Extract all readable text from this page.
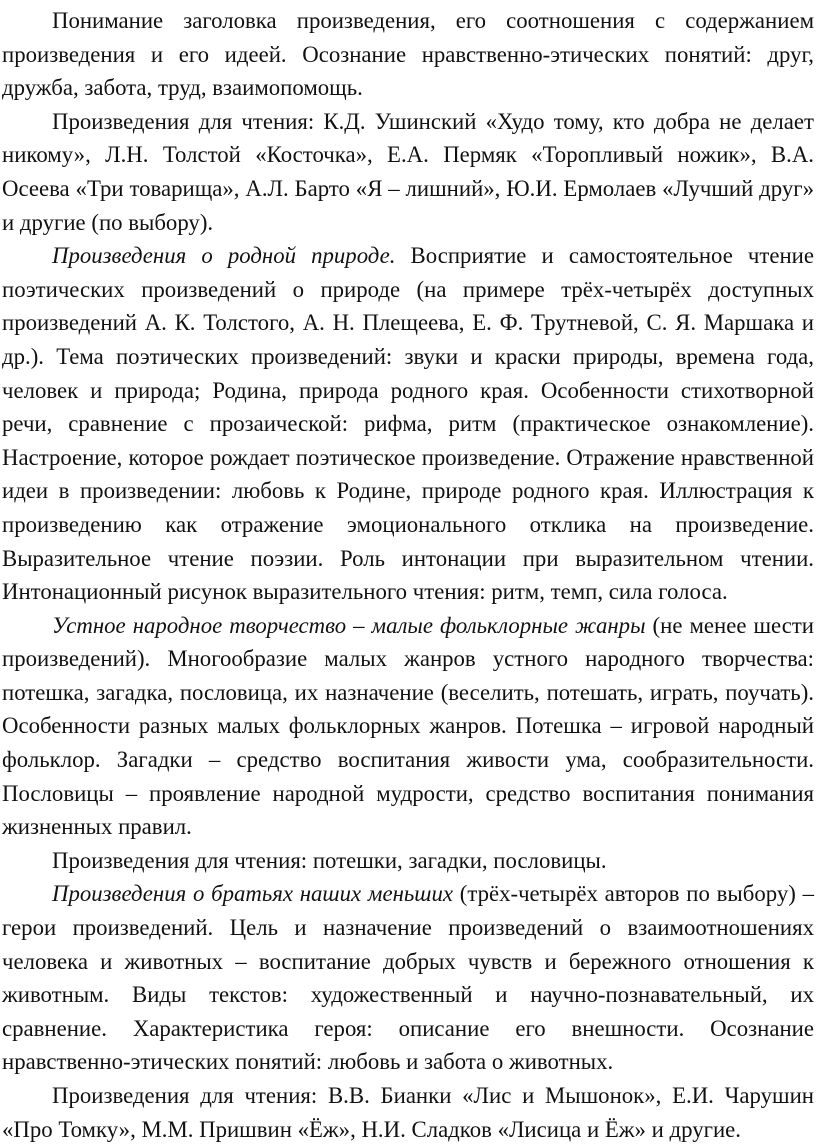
Понимание заголовка произведения, его соотношения с содержанием произведения и его идеей. Осознание нравственно-этических понятий: друг, дружба, забота, труд, взаимопомощь.

Произведения для чтения: К.Д. Ушинский «Худо тому, кто добра не делает никому», Л.Н. Толстой «Косточка», Е.А. Пермяк «Торопливый ножик», В.А. Осеева «Три товарища», А.Л. Барто «Я – лишний», Ю.И. Ермолаев «Лучший друг» и другие (по выбору).

Произведения о родной природе. Восприятие и самостоятельное чтение поэтических произведений о природе (на примере трёх-четырёх доступных произведений А. К. Толстого, А. Н. Плещеева, Е. Ф. Трутневой, С. Я. Маршака и др.). Тема поэтических произведений: звуки и краски природы, времена года, человек и природа; Родина, природа родного края. Особенности стихотворной речи, сравнение с прозаической: рифма, ритм (практическое ознакомление). Настроение, которое рождает поэтическое произведение. Отражение нравственной идеи в произведении: любовь к Родине, природе родного края. Иллюстрация к произведению как отражение эмоционального отклика на произведение. Выразительное чтение поэзии. Роль интонации при выразительном чтении. Интонационный рисунок выразительного чтения: ритм, темп, сила голоса.

Устное народное творчество – малые фольклорные жанры (не менее шести произведений). Многообразие малых жанров устного народного творчества: потешка, загадка, пословица, их назначение (веселить, потешать, играть, поучать). Особенности разных малых фольклорных жанров. Потешка – игровой народный фольклор. Загадки – средство воспитания живости ума, сообразительности. Пословицы – проявление народной мудрости, средство воспитания понимания жизненных правил.

Произведения для чтения: потешки, загадки, пословицы.

Произведения о братьях наших меньших (трёх-четырёх авторов по выбору) – герои произведений. Цель и назначение произведений о взаимоотношениях человека и животных – воспитание добрых чувств и бережного отношения к животным. Виды текстов: художественный и научно-познавательный, их сравнение. Характеристика героя: описание его внешности. Осознание нравственно-этических понятий: любовь и забота о животных.

Произведения для чтения: В.В. Бианки «Лис и Мышонок», Е.И. Чарушин «Про Томку», М.М. Пришвин «Ёж», Н.И. Сладков «Лисица и Ёж» и другие.
